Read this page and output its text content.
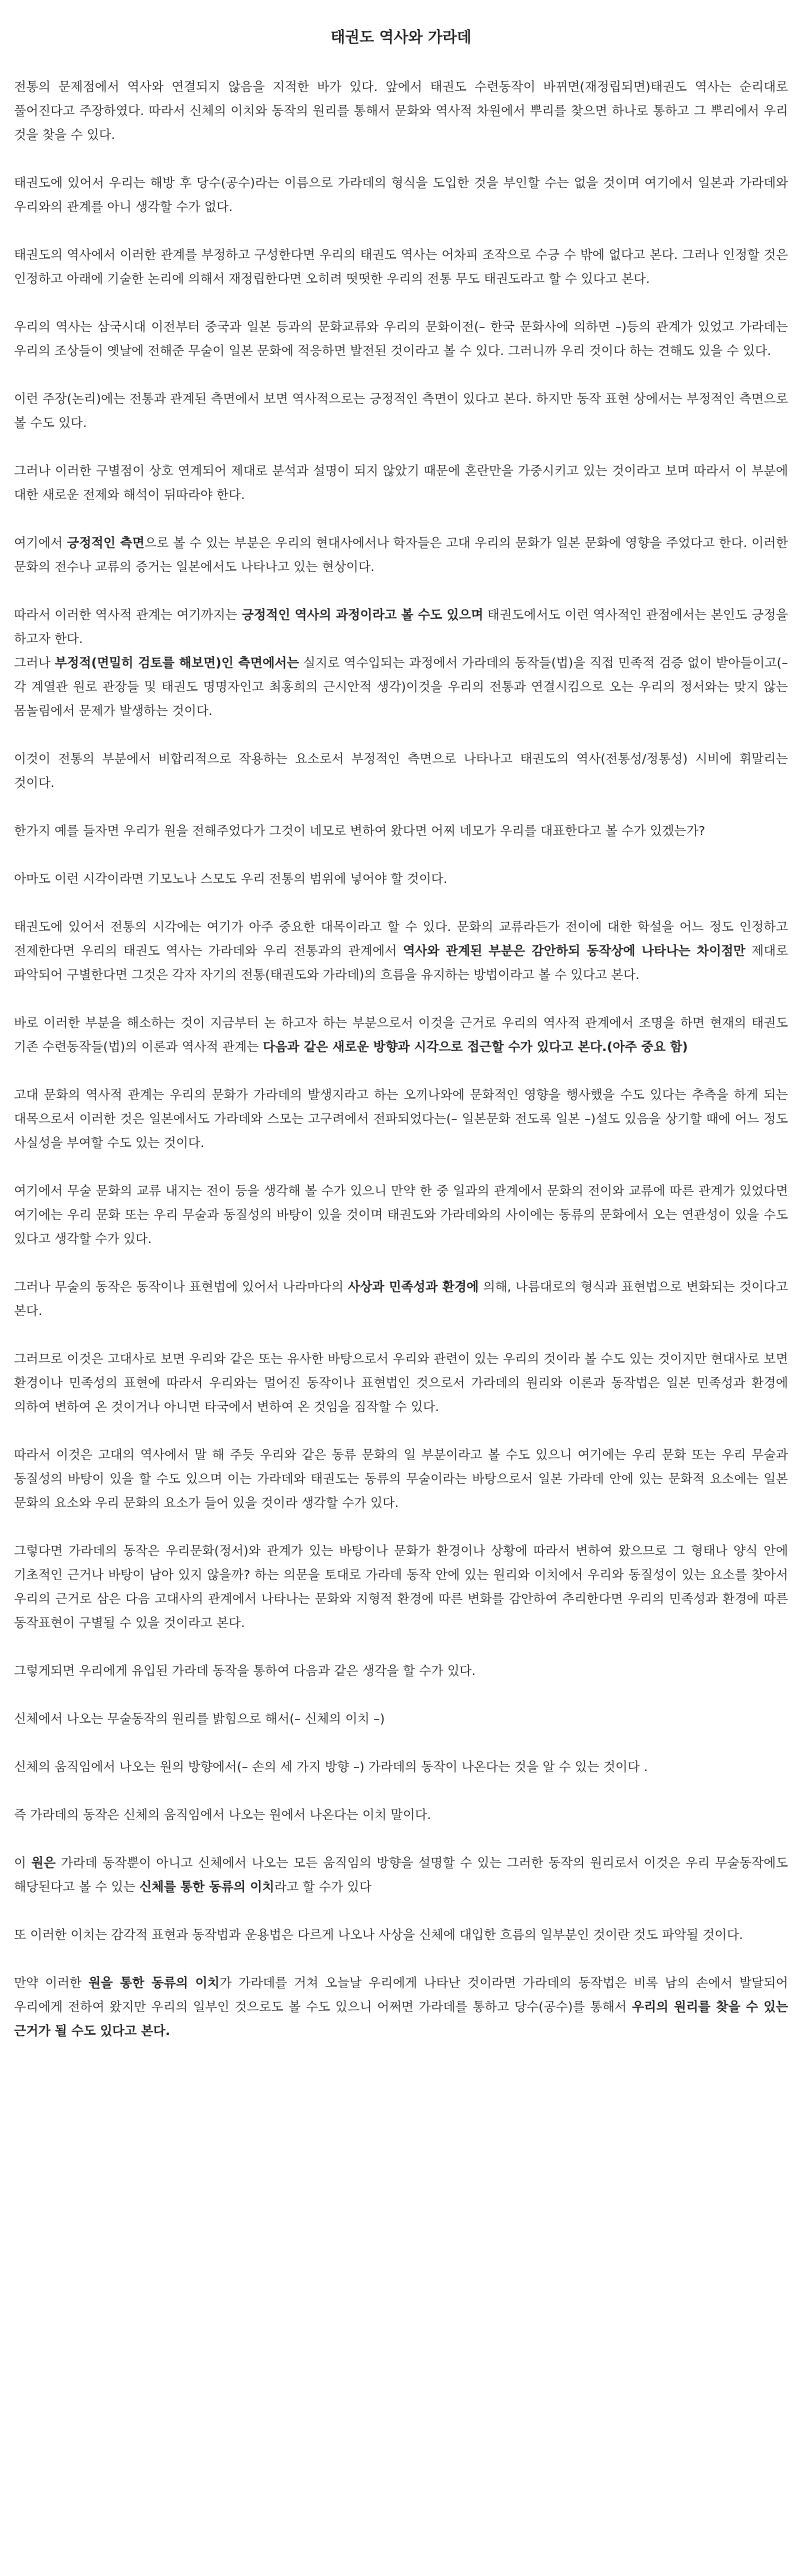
태권도 역사와 가라데

전통의 문제점에서 역사와 연결되지 않음을 지적한 바가 있다. 앞에서 태권도 수련동작이 바뀌면(재정립되면)태권도 역사는 순리대로 풀어진다고 주장하였다. 따라서 신체의 이치와 동작의 원리를 통해서 문화와 역사적 차원에서 뿌리를 찾으면 하나로 통하고 그 뿌리에서 우리 것을 찾을 수 있다.

태권도에 있어서 우리는 해방 후 당수(공수)라는 이름으로 가라데의 형식을 도입한 것을 부인할 수는 없을 것이며 여기에서 일본과 가라데와 우리와의 관계를 아니 생각할 수가 없다.

태권도의 역사에서 이러한 관계를 부정하고 구성한다면 우리의 태권도 역사는 어차피 조작으로 수긍 수 밖에 없다고 본다. 그러나 인정할 것은 인정하고 아래에 기술한 논리에 의해서 재정립한다면 오히려 떳떳한 우리의 전통 무도 태권도라고 할 수 있다고 본다.

우리의 역사는 삼국시대 이전부터 중국과 일본 등과의 문화교류와 우리의 문화이전(– 한국 문화사에 의하면 –)등의 관계가 있었고 가라데는 우리의 조상들이 옛날에 전해준 무술이 일본 문화에 적응하면 발전된 것이라고 볼 수 있다. 그러니까 우리 것이다 하는 견해도 있을 수 있다.

이런 주장(논리)에는 전통과 관계된 측면에서 보면 역사적으로는 긍정적인 측면이 있다고 본다. 하지만 동작 표현 상에서는 부정적인 측면으로 볼 수도 있다.

그러나 이러한 구별점이 상호 연계되어 제대로 분석과 설명이 되지 않았기 때문에 혼란만을 가중시키고 있는 것이라고 보며 따라서 이 부분에 대한 새로운 전제와 해석이 뒤따라야 한다.

여기에서 긍정적인 측면으로 볼 수 있는 부분은 우리의 현대사에서나 학자들은 고대 우리의 문화가 일본 문화에 영향을 주었다고 한다. 이러한 문화의 전수나 교류의 증거는 일본에서도 나타나고 있는 현상이다.

따라서 이러한 역사적 관계는 여기까지는 긍정적인 역사의 과정이라고 볼 수도 있으며 태권도에서도 이런 역사적인 관점에서는 본인도 긍정을 하고자 한다.

그러나 부정적(면밀히 검토를 해보면)인 측면에서는 실지로 역수입되는 과정에서 가라데의 동작들(법)을 직접 민족적 검증 없이 받아들이고(–각 계열관 원로 관장들 및 태권도 명명자인고 최홍희의 근시안적 생각)이것을 우리의 전통과 연결시킴으로 오는 우리의 정서와는 맞지 않는 몸놀림에서 문제가 발생하는 것이다.

이것이 전통의 부분에서 비합리적으로 작용하는 요소로서 부정적인 측면으로 나타나고 태권도의 역사(전통성/정통성) 시비에 휘말리는 것이다.

한가지 예를 들자면 우리가 원을 전해주었다가 그것이 네모로 변하여 왔다면 어찌 네모가 우리를 대표한다고 볼 수가 있겠는가?

아마도 이런 시각이라면 기모노나 스모도 우리 전통의 범위에 넣어야 할 것이다.

태권도에 있어서 전통의 시각에는 여기가 아주 중요한 대목이라고 할 수 있다. 문화의 교류라든가 전이에 대한 학설을 어느 정도 인정하고 전제한다면 우리의 태권도 역사는 가라데와 우리 전통과의 관계에서 역사와 관계된 부분은 감안하되 동작상에 나타나는 차이점만 제대로 파악되어 구별한다면 그것은 각자 자기의 전통(태권도와 가라데)의 흐름을 유지하는 방법이라고 볼 수 있다고 본다.

바로 이러한 부분을 해소하는 것이 지금부터 논 하고자 하는 부분으로서 이것을 근거로 우리의 역사적 관계에서 조명을 하면 현재의 태권도 기존 수련동작들(법)의 이론과 역사적 관계는 다음과 같은 새로운 방향과 시각으로 접근할 수가 있다고 본다.(아주 중요 함)

고대 문화의 역사적 관계는 우리의 문화가 가라데의 발생지라고 하는 오끼나와에 문화적인 영향을 행사했을 수도 있다는 추측을 하게 되는 대목으로서 이러한 것은 일본에서도 가라데와 스모는 고구려에서 전파되었다는(– 일본문화 전도록 일본 –)설도 있음을 상기할 때에 어느 정도 사실성을 부여할 수도 있는 것이다.

여기에서 무술 문화의 교류 내지는 전이 등을 생각해 볼 수가 있으니 만약 한 중 일과의 관계에서 문화의 전이와 교류에 따른 관계가 있었다면 여기에는 우리 문화 또는 우리 무술과 동질성의 바탕이 있을 것이며 태권도와 가라데와의 사이에는 동류의 문화에서 오는 연관성이 있을 수도 있다고 생각할 수가 있다.

그러나 무술의 동작은 동작이나 표현법에 있어서 나라마다의 사상과 민족성과 환경에 의해, 나름대로의 형식과 표현법으로 변화되는 것이다고 본다.

그러므로 이것은 고대사로 보면 우리와 같은 또는 유사한 바탕으로서 우리와 관련이 있는 우리의 것이라 볼 수도 있는 것이지만 현대사로 보면 환경이나 민족성의 표현에 따라서 우리와는 멀어진 동작이나 표현법인 것으로서 가라데의 원리와 이론과 동작법은 일본 민족성과 환경에 의하여 변하여 온 것이거나 아니면 타국에서 변하여 온 것임을 짐작할 수 있다.

따라서 이것은 고대의 역사에서 말 해 주듯 우리와 같은 동류 문화의 일 부분이라고 볼 수도 있으니 여기에는 우리 문화 또는 우리 무술과 동질성의 바탕이 있을 할 수도 있으며 이는 가라데와 태권도는 동류의 무술이라는 바탕으로서 일본 가라데 안에 있는 문화적 요소에는 일본 문화의 요소와 우리 문화의 요소가 들어 있을 것이라 생각할 수가 있다.

그렇다면 가라데의 동작은 우리문화(정서)와 관계가 있는 바탕이나 문화가 환경이나 상황에 따라서 변하여 왔으므로 그 형태나 양식 안에 기초적인 근거나 바탕이 남아 있지 않을까? 하는 의문을 토대로 가라데 동작 안에 있는 원리와 이치에서 우리와 동질성이 있는 요소를 찾아서 우리의 근거로 삼은 다음 고대사의 관계에서 나타나는 문화와 지형적 환경에 따른 변화를 감안하여 추리한다면 우리의 민족성과 환경에 따른 동작표현이 구별될 수 있을 것이라고 본다.

그렇게되면 우리에게 유입된 가라데 동작을 통하여 다음과 같은 생각을 할 수가 있다.

신체에서 나오는 무술동작의 원리를 밝힘으로 해서(– 신체의 이치 –)

신체의 움직임에서 나오는 원의 방향에서(– 손의 세 가지 방향 –) 가라데의 동작이 나온다는 것을 알 수 있는 것이다 .

즉 가라데의 동작은 신체의 움직임에서 나오는 원에서 나온다는 이치 말이다.

이 원은 가라데 동작뿐이 아니고 신체에서 나오는 모든 움직임의 방향을 설명할 수 있는 그러한 동작의 원리로서 이것은 우리 무술동작에도 해당된다고 볼 수 있는 신체를 통한 동류의 이치라고 할 수가 있다

또 이러한 이치는 감각적 표현과 동작법과 운용법은 다르게 나오나 사상을 신체에 대입한 흐름의 일부분인 것이란 것도 파악될 것이다.

만약 이러한 원을 통한 동류의 이치가 가라데를 거쳐 오늘날 우리에게 나타난 것이라면 가라데의 동작법은 비록 남의 손에서 발달되어 우리에게 전하여 왔지만 우리의 일부인 것으로도 볼 수도 있으니 어쩌면 가라데를 통하고 당수(공수)를 통해서 우리의 원리를 찾을 수 있는 근거가 될 수도 있다고 본다.
